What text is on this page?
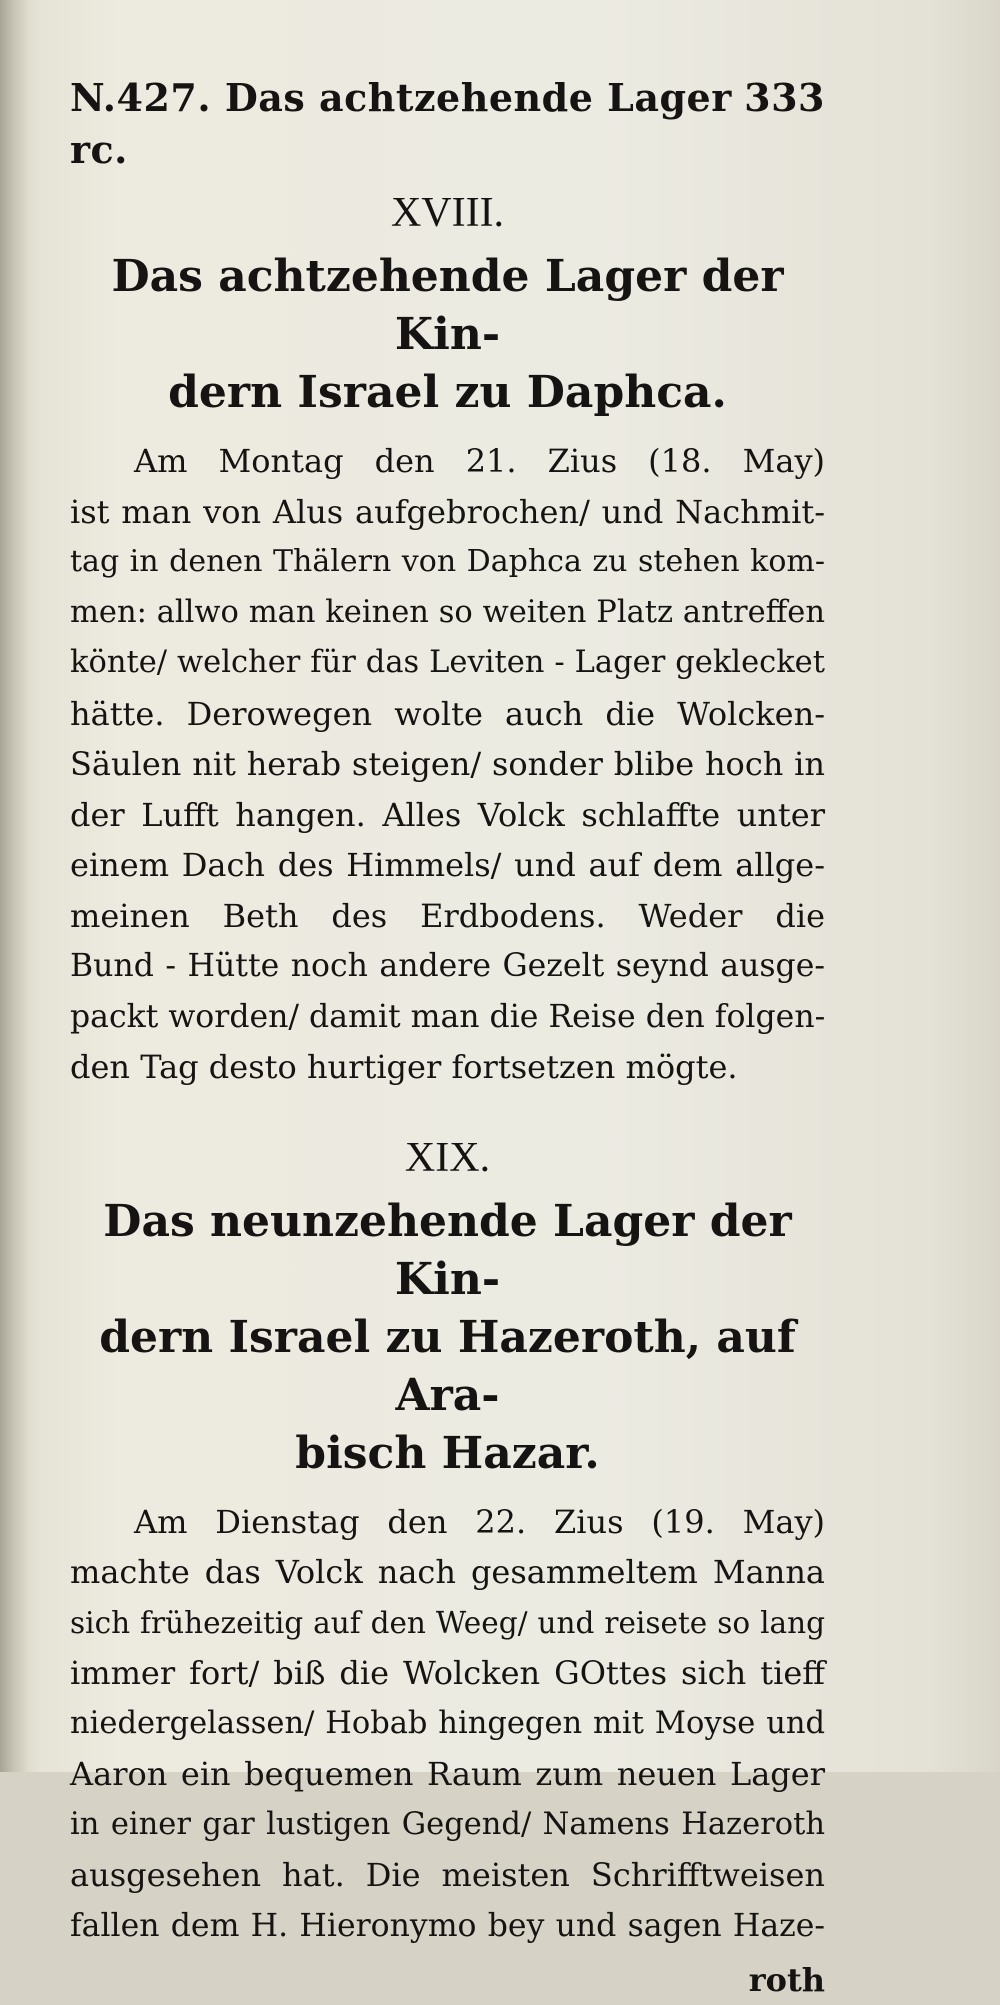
N.427. Das achtzehende Lager rc.
333
XVIII.
Das achtzehende Lager der Kin-
dern Israel zu Daphca.
Am Montag den 21. Zius (18. May)
ist man von Alus aufgebrochen/ und Nachmit-
tag in denen Thälern von Daphca zu stehen kom-
men: allwo man keinen so weiten Platz antreffen
könte/ welcher für das Leviten - Lager geklecket
hätte. Derowegen wolte auch die Wolcken-
Säulen nit herab steigen/ sonder blibe hoch in
der Lufft hangen. Alles Volck schlaffte unter
einem Dach des Himmels/ und auf dem allge-
meinen Beth des Erdbodens. Weder die
Bund - Hütte noch andere Gezelt seynd ausge-
packt worden/ damit man die Reise den folgen-
den Tag desto hurtiger fortsetzen mögte.
XIX.
Das neunzehende Lager der Kin-
dern Israel zu Hazeroth, auf Ara-
bisch Hazar.
Am Dienstag den 22. Zius (19. May)
machte das Volck nach gesammeltem Manna
sich frühezeitig auf den Weeg/ und reisete so lang
immer fort/ biß die Wolcken GOttes sich tieff
niedergelassen/ Hobab hingegen mit Moyse und
Aaron ein bequemen Raum zum neuen Lager
in einer gar lustigen Gegend/ Namens Hazeroth
ausgesehen hat. Die meisten Schrifftweisen
fallen dem H. Hieronymo bey und sagen Haze-
roth
